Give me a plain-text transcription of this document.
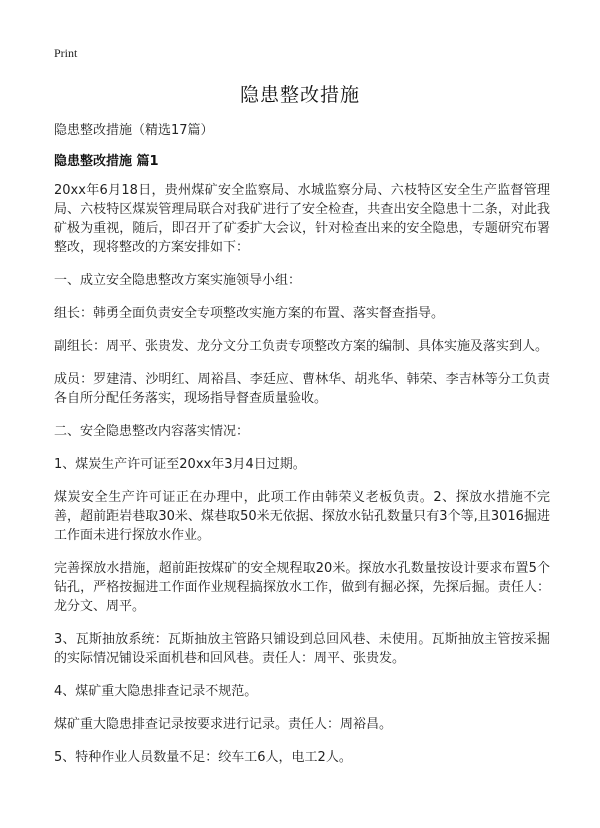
Print
隐患整改措施
隐患整改措施（精选17篇）
隐患整改措施 篇1

20xx年6月18日，贵州煤矿安全监察局、水城监察分局、六枝特区安全生产监督管理局、六枝特区煤炭管理局联合对我矿进行了安全检查，共查出安全隐患十二条，对此我矿极为重视，随后，即召开了矿委扩大会议，针对检查出来的安全隐患，专题研究布署整改，现将整改的方案安排如下：

一、成立安全隐患整改方案实施领导小组：

组长：韩勇全面负责安全专项整改实施方案的布置、落实督查指导。

副组长：周平、张贵发、龙分文分工负责专项整改方案的编制、具体实施及落实到人。

成员：罗建清、沙明红、周裕昌、李廷应、曹林华、胡兆华、韩荣、李吉林等分工负责各自所分配任务落实，现场指导督查质量验收。

二、安全隐患整改内容落实情况：

1、煤炭生产许可证至20xx年3月4日过期。

煤炭安全生产许可证正在办理中，此项工作由韩荣义老板负责。2、探放水措施不完善，超前距岩巷取30米、煤巷取50米无依据、探放水钻孔数量只有3个等,且3016掘进工作面未进行探放水作业。

完善探放水措施，超前距按煤矿的安全规程取20米。探放水孔数量按设计要求布置5个钻孔，严格按掘进工作面作业规程搞探放水工作，做到有掘必探，先探后掘。责任人：龙分文、周平。

3、瓦斯抽放系统：瓦斯抽放主管路只铺设到总回风巷、未使用。瓦斯抽放主管按采掘的实际情况铺设采面机巷和回风巷。责任人：周平、张贵发。

4、煤矿重大隐患排查记录不规范。

煤矿重大隐患排查记录按要求进行记录。责任人：周裕昌。

5、特种作业人员数量不足：绞车工6人，电工2人。
